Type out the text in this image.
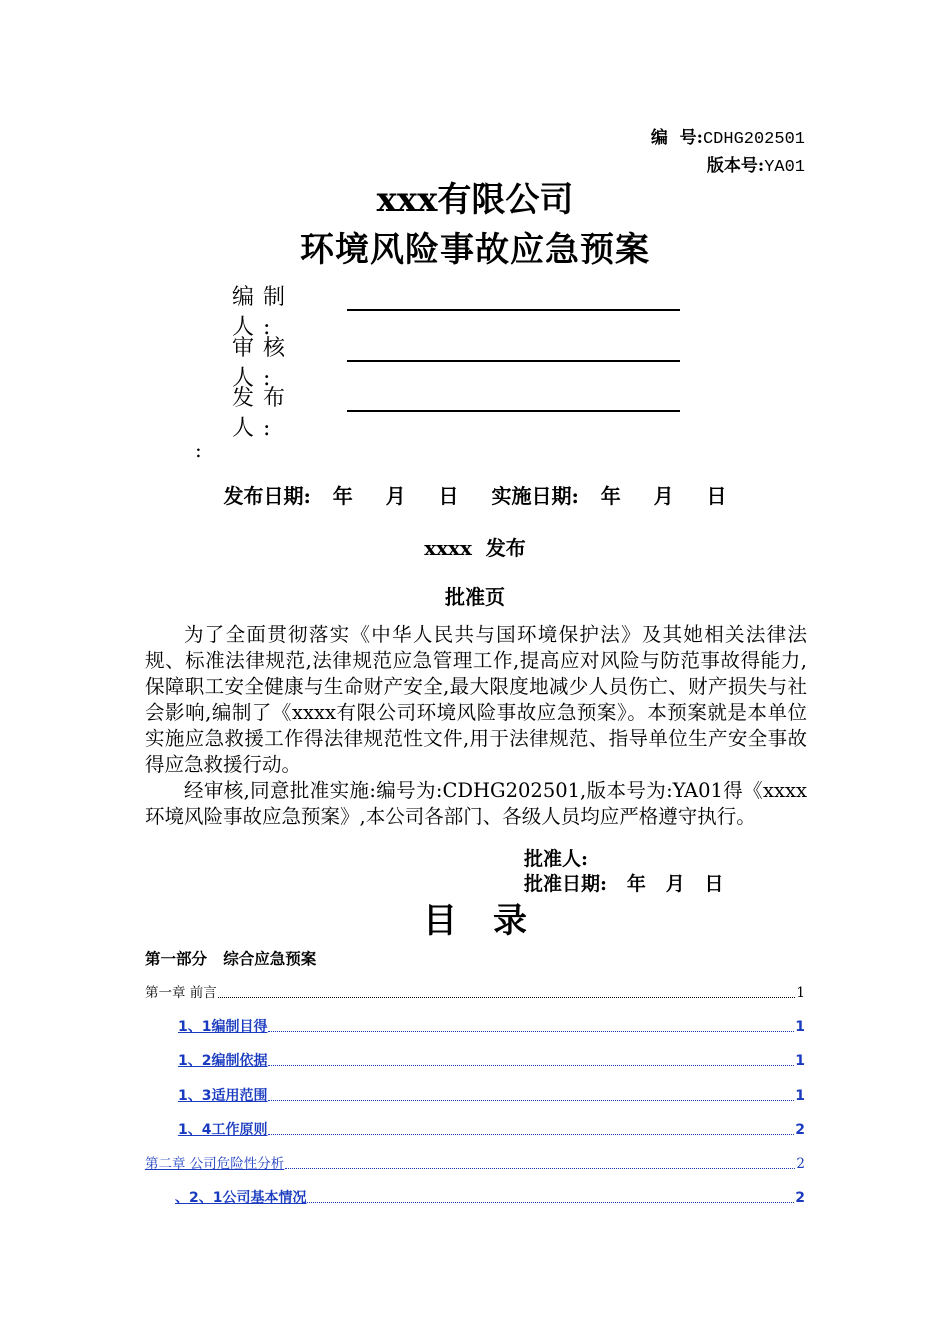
编  号:CDHG202501
版本号:YA01
xxx有限公司
环境风险事故应急预案
编制人:
审核人:
发布人:
:
发布日期:  年   月   日   实施日期:  年   月   日
xxxx  发布
批准页

为了全面贯彻落实《中华人民共与国环境保护法》及其她相关法律法规、标准法律规范,法律规范应急管理工作,提高应对风险与防范事故得能力,保障职工安全健康与生命财产安全,最大限度地减少人员伤亡、财产损失与社会影响,编制了《xxxx有限公司环境风险事故应急预案》。本预案就是本单位实施应急救援工作得法律规范性文件,用于法律规范、指导单位生产安全事故得应急救援行动。

经审核,同意批准实施:编号为:CDHG202501,版本号为:YA01得《xxxx环境风险事故应急预案》,本公司各部门、各级人员均应严格遵守执行。

批准人:
批准日期:   年   月   日
目录
第一部分   综合应急预案
第一章 前言	1
1、1编制目得	1
1、2编制依据	1
1、3适用范围	1
1、4工作原则	2
第二章 公司危险性分析	2
、2、1公司基本情况	2
